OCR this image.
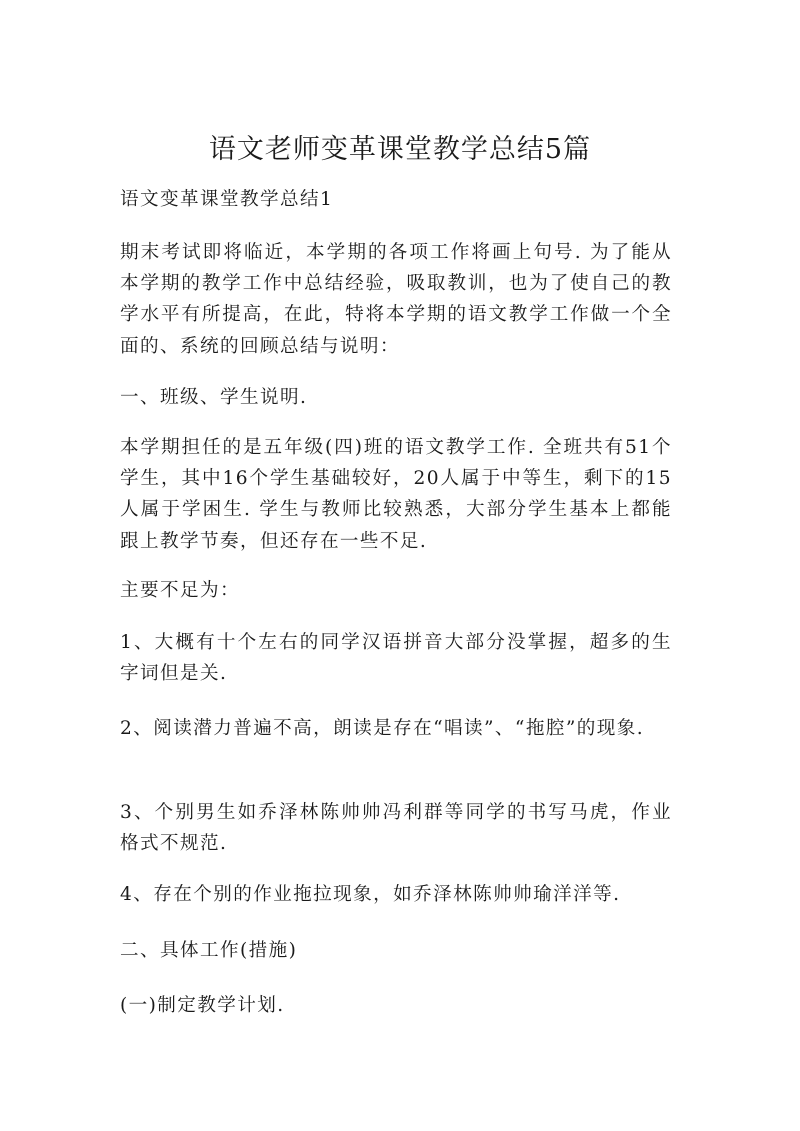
语文老师变革课堂教学总结5篇

语文变革课堂教学总结1

期末考试即将临近，本学期的各项工作将画上句号. 为了能从本学期的教学工作中总结经验，吸取教训，也为了使自己的教学水平有所提高，在此，特将本学期的语文教学工作做一个全面的、系统的回顾总结与说明：

一、班级、学生说明.

本学期担任的是五年级(四)班的语文教学工作. 全班共有51个学生，其中16个学生基础较好，20人属于中等生，剩下的15人属于学困生. 学生与教师比较熟悉，大部分学生基本上都能跟上教学节奏，但还存在一些不足.

主要不足为：

1、大概有十个左右的同学汉语拼音大部分没掌握，超多的生字词但是关.

2、阅读潜力普遍不高，朗读是存在“唱读”、“拖腔”的现象.

3、个别男生如乔泽林陈帅帅冯利群等同学的书写马虎，作业格式不规范.

4、存在个别的作业拖拉现象，如乔泽林陈帅帅瑜洋洋等.

二、具体工作(措施)

(一)制定教学计划.
